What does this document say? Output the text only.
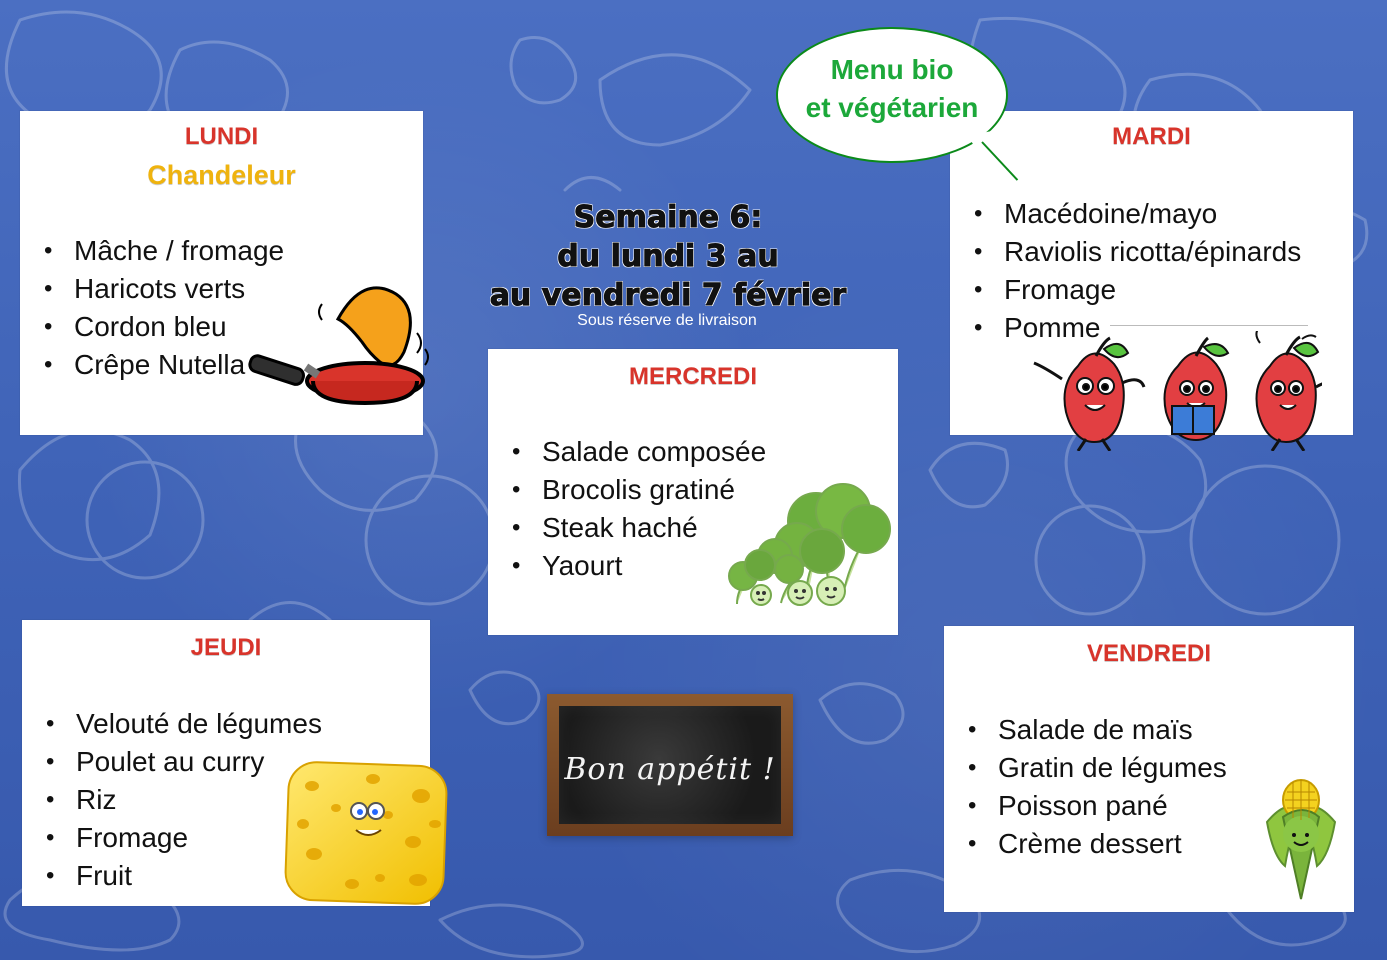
LUNDI
Chandeleur
• Mâche / fromage
• Haricots verts
• Cordon bleu
• Crêpe Nutella
MARDI
• Macédoine/mayo
• Raviolis ricotta/épinards
• Fromage
• Pomme
MERCREDI
• Salade composée
• Brocolis gratiné
• Steak haché
• Yaourt
JEUDI
• Velouté de légumes
• Poulet au curry
• Riz
• Fromage
• Fruit
VENDREDI
• Salade de maïs
• Gratin de légumes
• Poisson pané
• Crème dessert
Menu bio
et végétarien
Semaine 6:
du lundi 3 au
au vendredi 7 février
Sous réserve de livraison
Bon appétit !
